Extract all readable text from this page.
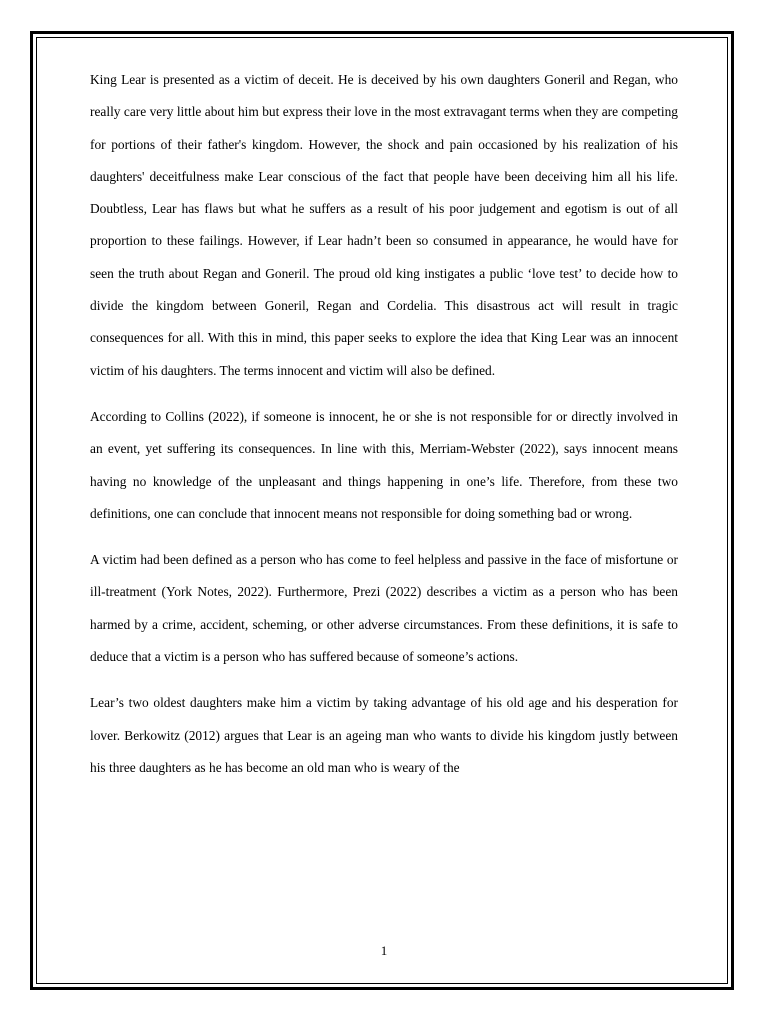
King Lear is presented as a victim of deceit. He is deceived by his own daughters Goneril and Regan, who really care very little about him but express their love in the most extravagant terms when they are competing for portions of their father's kingdom. However, the shock and pain occasioned by his realization of his daughters' deceitfulness make Lear conscious of the fact that people have been deceiving him all his life. Doubtless, Lear has flaws but what he suffers as a result of his poor judgement and egotism is out of all proportion to these failings. However, if Lear hadn’t been so consumed in appearance, he would have for seen the truth about Regan and Goneril. The proud old king instigates a public ‘love test’ to decide how to divide the kingdom between Goneril, Regan and Cordelia. This disastrous act will result in tragic consequences for all. With this in mind, this paper seeks to explore the idea that King Lear was an innocent victim of his daughters. The terms innocent and victim will also be defined.

According to Collins (2022), if someone is innocent, he or she is not responsible for or directly involved in an event, yet suffering its consequences. In line with this, Merriam-Webster (2022), says innocent means having no knowledge of the unpleasant and things happening in one’s life. Therefore, from these two definitions, one can conclude that innocent means not responsible for doing something bad or wrong.

A victim had been defined as a person who has come to feel helpless and passive in the face of misfortune or ill-treatment (York Notes, 2022). Furthermore, Prezi (2022) describes a victim as a person who has been harmed by a crime, accident, scheming, or other adverse circumstances. From these definitions, it is safe to deduce that a victim is a person who has suffered because of someone’s actions.

Lear’s two oldest daughters make him a victim by taking advantage of his old age and his desperation for lover. Berkowitz (2012) argues that Lear is an ageing man who wants to divide his kingdom justly between his three daughters as he has become an old man who is weary of the

1
